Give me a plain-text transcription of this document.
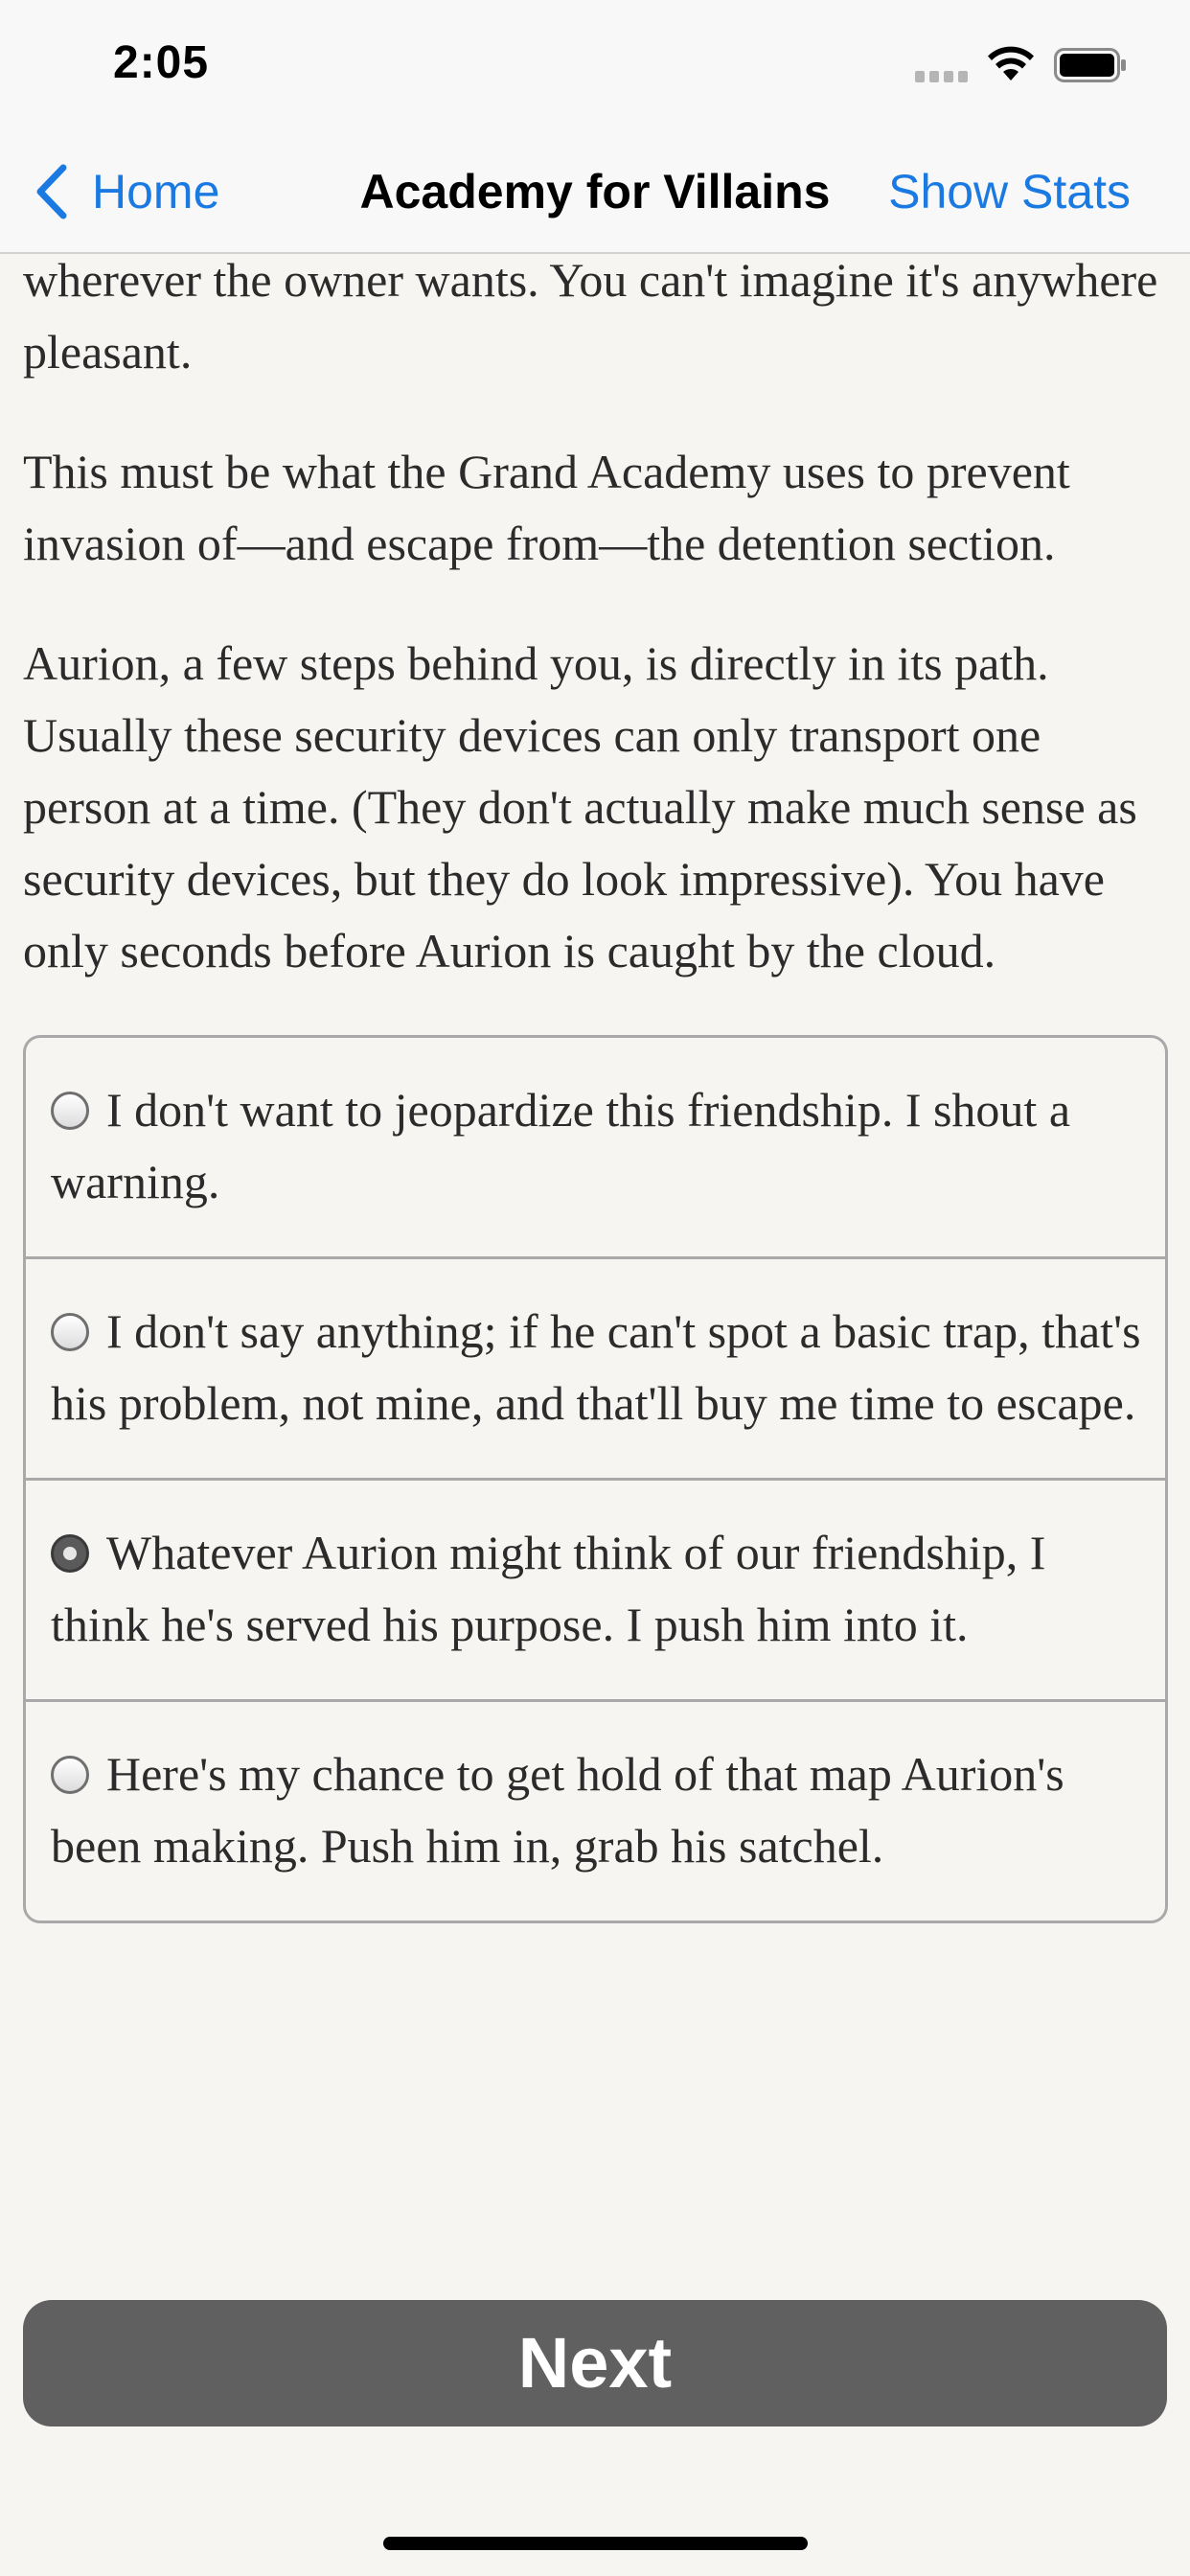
2:05
Home	Academy for Villains	Show Stats

wherever the owner wants. You can't imagine it's anywhere pleasant.

This must be what the Grand Academy uses to prevent invasion of—and escape from—the detention section.

Aurion, a few steps behind you, is directly in its path. Usually these security devices can only transport one person at a time. (They don't actually make much sense as security devices, but they do look impressive). You have only seconds before Aurion is caught by the cloud.

I don't want to jeopardize this friendship. I shout a warning.
I don't say anything; if he can't spot a basic trap, that's his problem, not mine, and that'll buy me time to escape.
Whatever Aurion might think of our friendship, I think he's served his purpose. I push him into it.
Here's my chance to get hold of that map Aurion's been making. Push him in, grab his satchel.
Next
